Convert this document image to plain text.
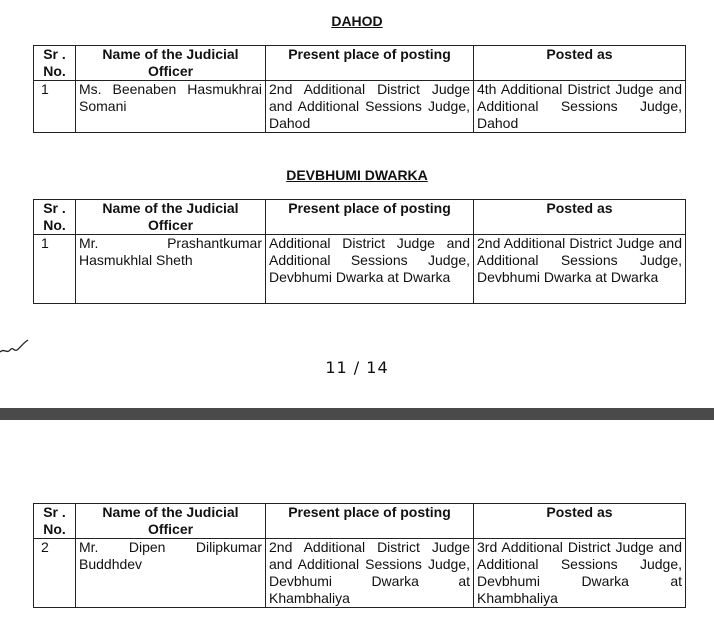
DAHOD
Sr . No.	Name of the Judicial Officer	Present place of posting	Posted as
1	Ms. Beenaben Hasmukhrai Somani	2nd Additional District Judge and Additional Sessions Judge, Dahod	4th Additional District Judge and Additional Sessions Judge, Dahod
DEVBHUMI DWARKA
Sr . No.	Name of the Judicial Officer	Present place of posting	Posted as
1	Mr. Prashantkumar Hasmukhlal Sheth	Additional District Judge and Additional Sessions Judge, Devbhumi Dwarka at Dwarka	2nd Additional District Judge and Additional Sessions Judge, Devbhumi Dwarka at Dwarka
11 / 14
Sr . No.	Name of the Judicial Officer	Present place of posting	Posted as
2	Mr. Dipen Dilipkumar Buddhdev	2nd Additional District Judge and Additional Sessions Judge, Devbhumi Dwarka at Khambhaliya	3rd Additional District Judge and Additional Sessions Judge, Devbhumi Dwarka at Khambhaliya
